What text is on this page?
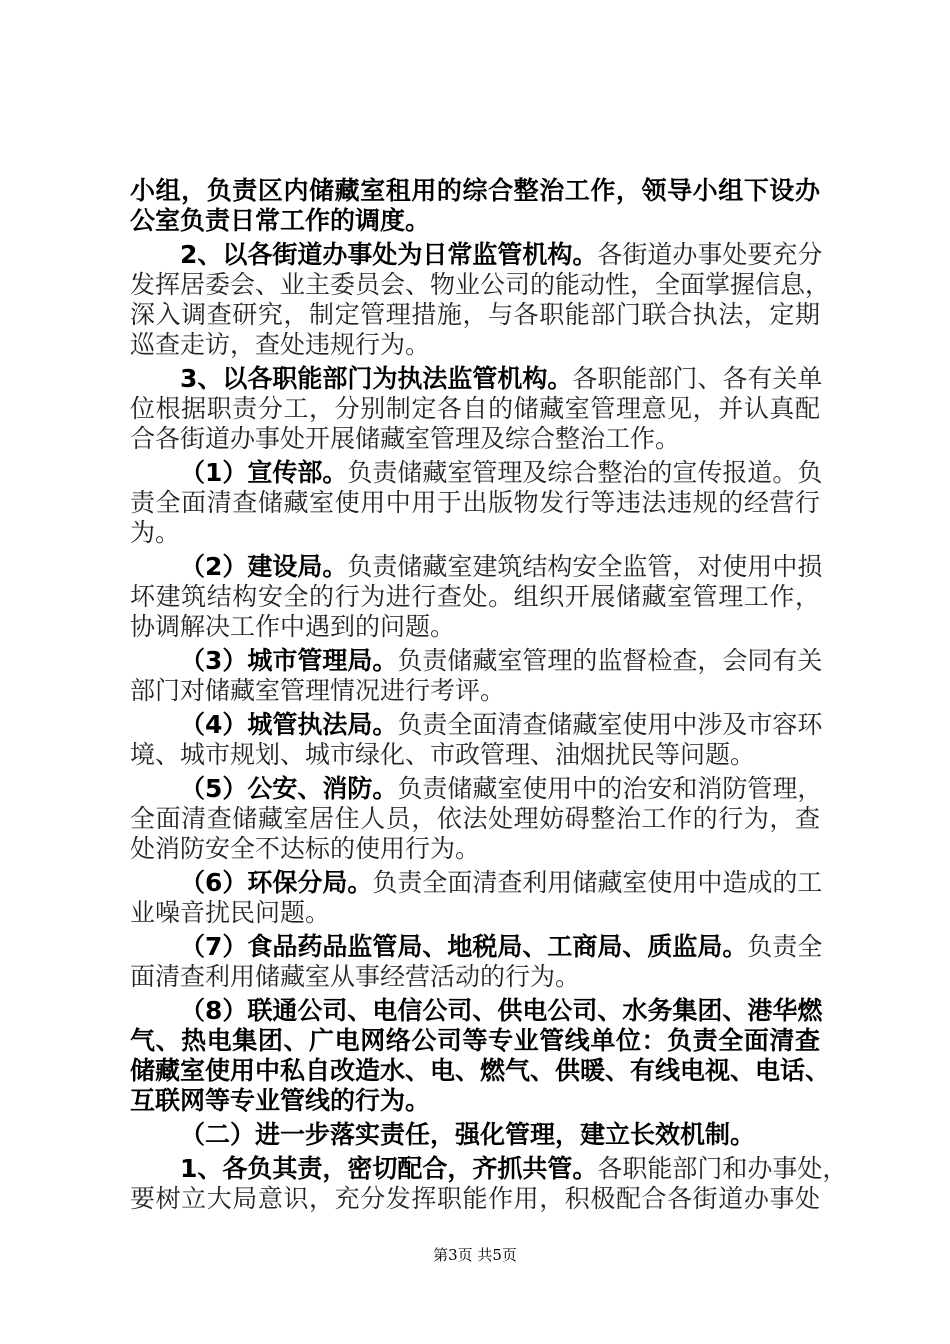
小组，负责区内储藏室租用的综合整治工作，领导小组下设办
公室负责日常工作的调度。
2、以各街道办事处为日常监管机构。各街道办事处要充分
发挥居委会、业主委员会、物业公司的能动性，全面掌握信息，
深入调查研究，制定管理措施，与各职能部门联合执法，定期
巡查走访，查处违规行为。
3、以各职能部门为执法监管机构。各职能部门、各有关单
位根据职责分工，分别制定各自的储藏室管理意见，并认真配
合各街道办事处开展储藏室管理及综合整治工作。
（1）宣传部。负责储藏室管理及综合整治的宣传报道。负
责全面清查储藏室使用中用于出版物发行等违法违规的经营行
为。
（2）建设局。负责储藏室建筑结构安全监管，对使用中损
坏建筑结构安全的行为进行查处。组织开展储藏室管理工作，
协调解决工作中遇到的问题。
（3）城市管理局。负责储藏室管理的监督检查，会同有关
部门对储藏室管理情况进行考评。
（4）城管执法局。负责全面清查储藏室使用中涉及市容环
境、城市规划、城市绿化、市政管理、油烟扰民等问题。
（5）公安、消防。负责储藏室使用中的治安和消防管理，
全面清查储藏室居住人员，依法处理妨碍整治工作的行为，查
处消防安全不达标的使用行为。
（6）环保分局。负责全面清查利用储藏室使用中造成的工
业噪音扰民问题。
（7）食品药品监管局、地税局、工商局、质监局。负责全
面清查利用储藏室从事经营活动的行为。
（8）联通公司、电信公司、供电公司、水务集团、港华燃
气、热电集团、广电网络公司等专业管线单位：负责全面清查
储藏室使用中私自改造水、电、燃气、供暖、有线电视、电话、
互联网等专业管线的行为。
（二）进一步落实责任，强化管理，建立长效机制。
1、各负其责，密切配合，齐抓共管。各职能部门和办事处，
要树立大局意识，充分发挥职能作用，积极配合各街道办事处
第3页 共5页
